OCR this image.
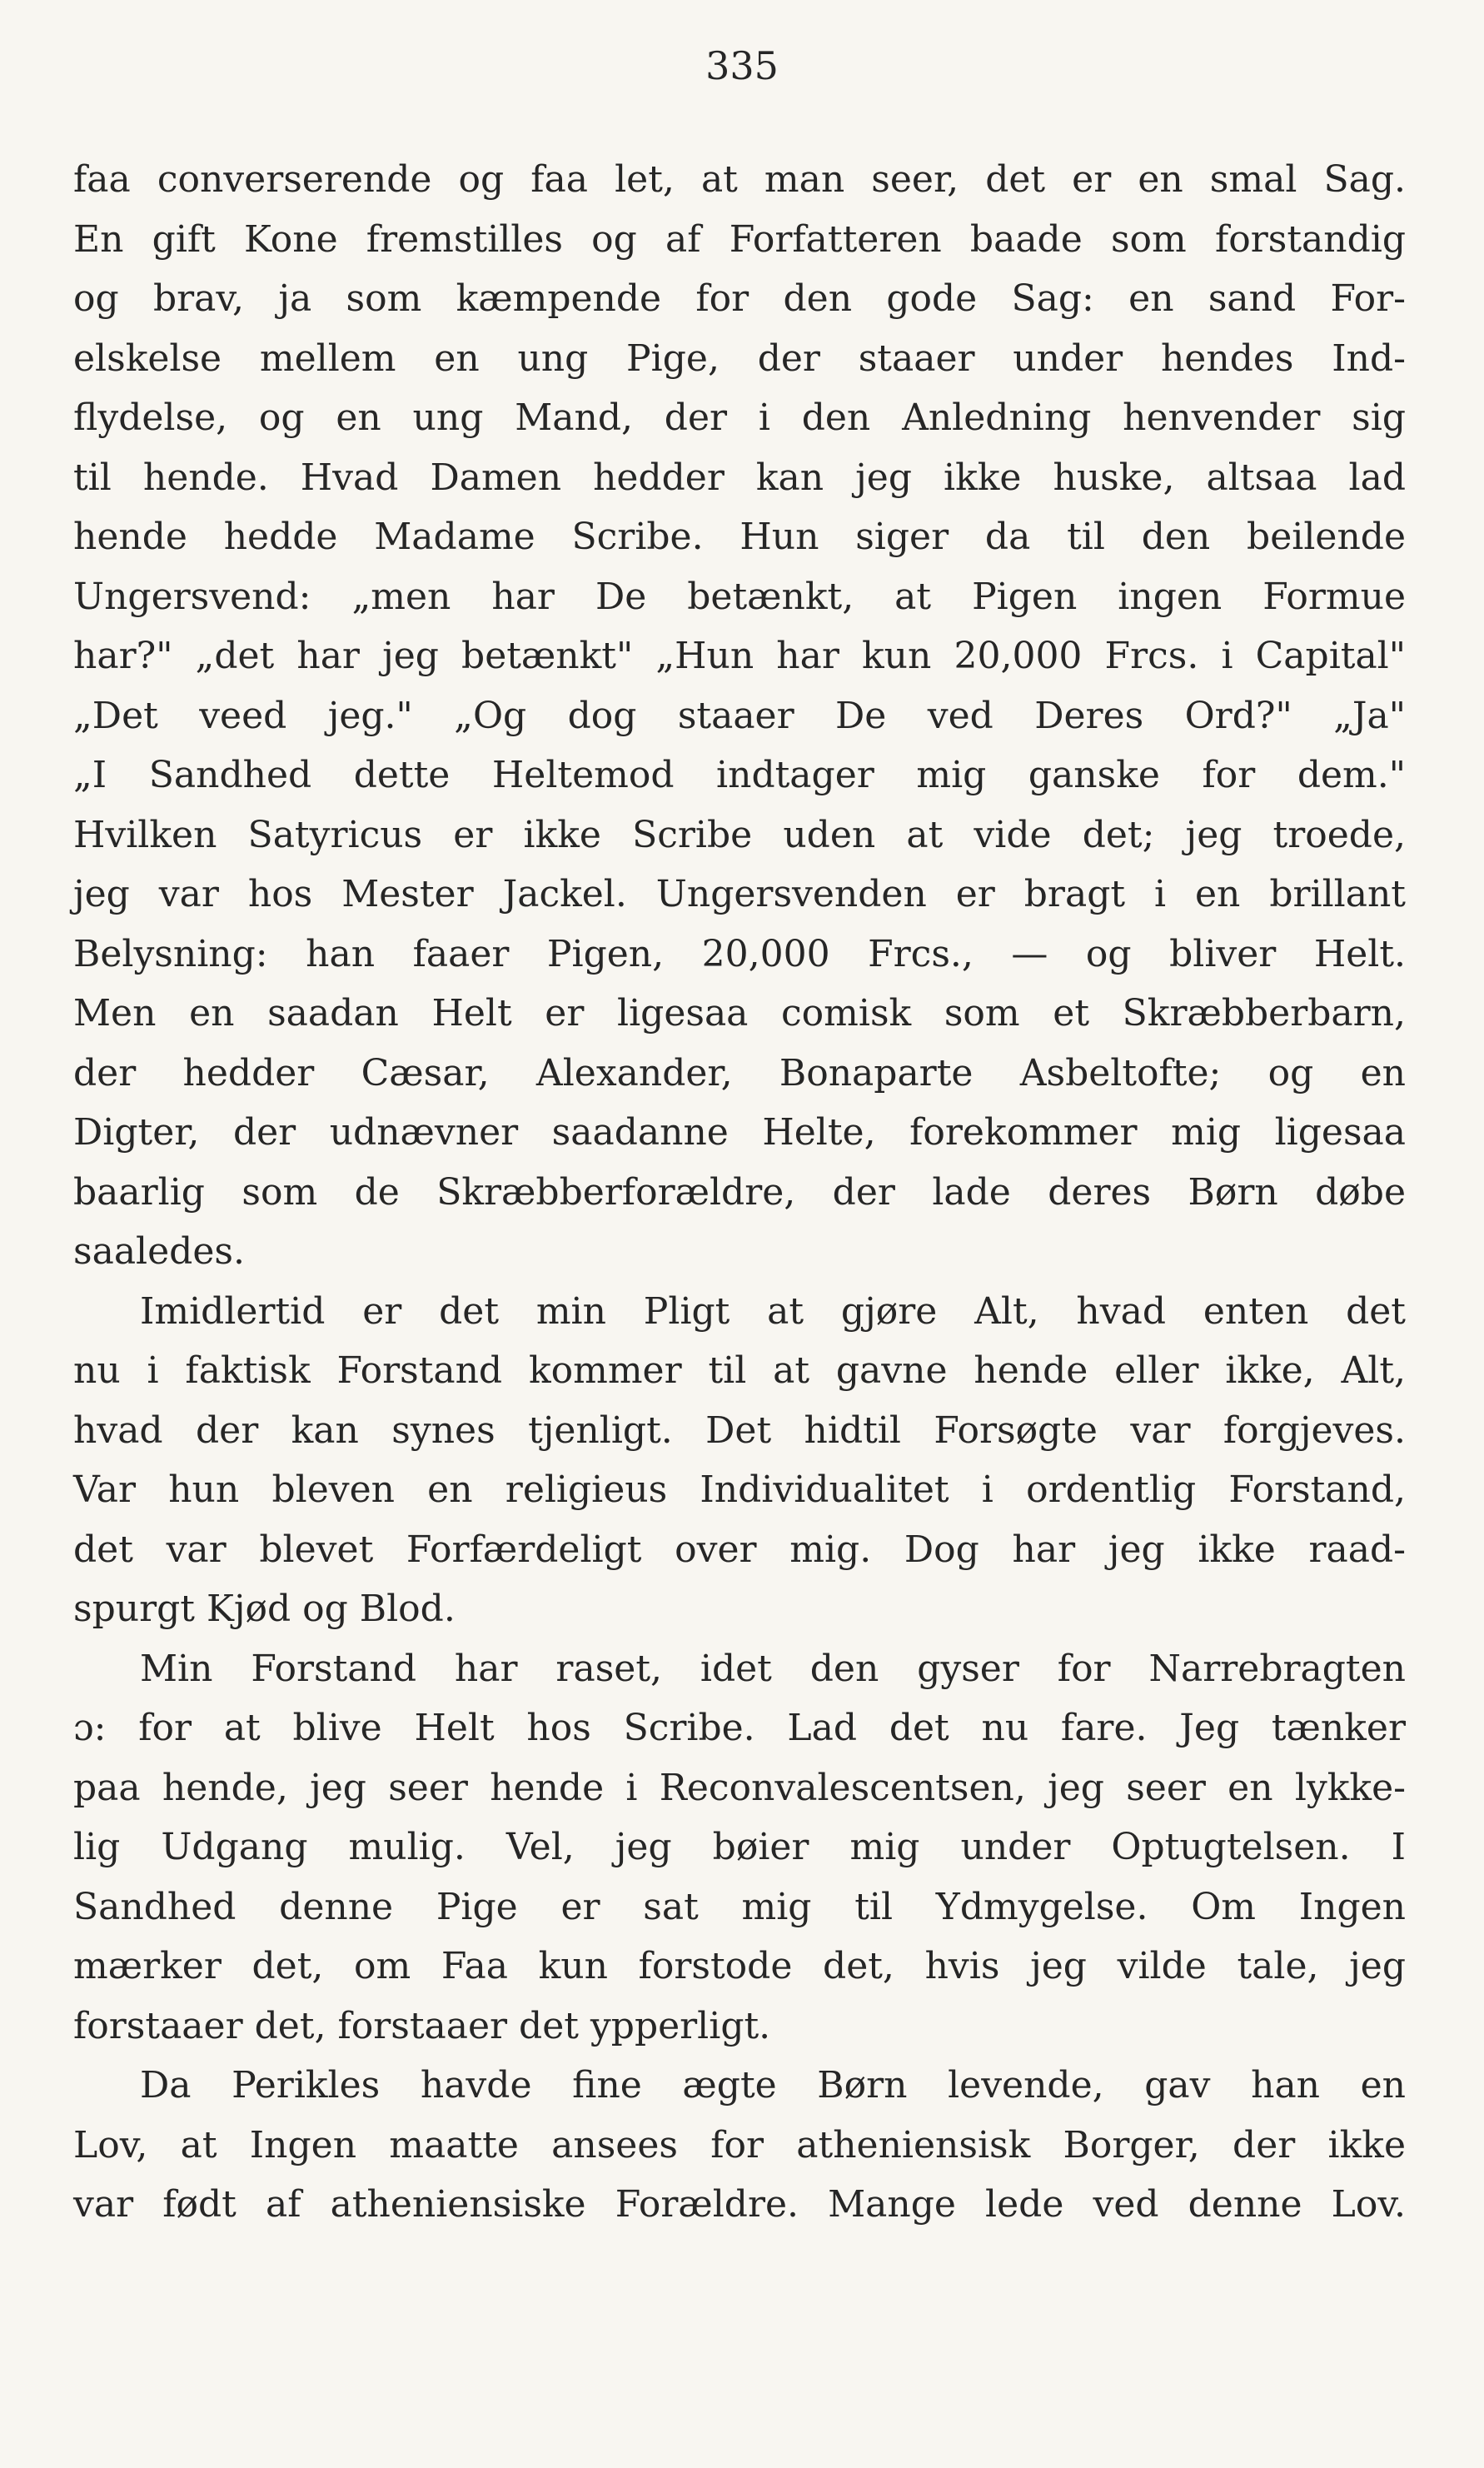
335
faa converserende og faa let, at man seer, det er en smal Sag.
En gift Kone fremstilles og af Forfatteren baade som forstandig
og brav, ja som kæmpende for den gode Sag: en sand For-
elskelse mellem en ung Pige, der staaer under hendes Ind-
flydelse, og en ung Mand, der i den Anledning henvender sig
til hende. Hvad Damen hedder kan jeg ikke huske, altsaa lad
hende hedde Madame Scribe. Hun siger da til den beilende
Ungersvend: „men har De betænkt, at Pigen ingen Formue
har?" „det har jeg betænkt" „Hun har kun 20,000 Frcs. i Capital"
„Det veed jeg." „Og dog staaer De ved Deres Ord?" „Ja"
„I Sandhed dette Heltemod indtager mig ganske for dem."
Hvilken Satyricus er ikke Scribe uden at vide det; jeg troede,
jeg var hos Mester Jackel. Ungersvenden er bragt i en brillant
Belysning: han faaer Pigen, 20,000 Frcs., — og bliver Helt.
Men en saadan Helt er ligesaa comisk som et Skræbberbarn,
der hedder Cæsar, Alexander, Bonaparte Asbeltofte; og en
Digter, der udnævner saadanne Helte, forekommer mig ligesaa
baarlig som de Skræbberforældre, der lade deres Børn døbe
saaledes.
Imidlertid er det min Pligt at gjøre Alt, hvad enten det
nu i faktisk Forstand kommer til at gavne hende eller ikke, Alt,
hvad der kan synes tjenligt. Det hidtil Forsøgte var forgjeves.
Var hun bleven en religieus Individualitet i ordentlig Forstand,
det var blevet Forfærdeligt over mig. Dog har jeg ikke raad-
spurgt Kjød og Blod.
Min Forstand har raset, idet den gyser for Narrebragten
ɔ: for at blive Helt hos Scribe. Lad det nu fare. Jeg tænker
paa hende, jeg seer hende i Reconvalescentsen, jeg seer en lykke-
lig Udgang mulig. Vel, jeg bøier mig under Optugtelsen. I
Sandhed denne Pige er sat mig til Ydmygelse. Om Ingen
mærker det, om Faa kun forstode det, hvis jeg vilde tale, jeg
forstaaer det, forstaaer det ypperligt.
Da Perikles havde fine ægte Børn levende, gav han en
Lov, at Ingen maatte ansees for atheniensisk Borger, der ikke
var født af atheniensiske Forældre. Mange lede ved denne Lov.
